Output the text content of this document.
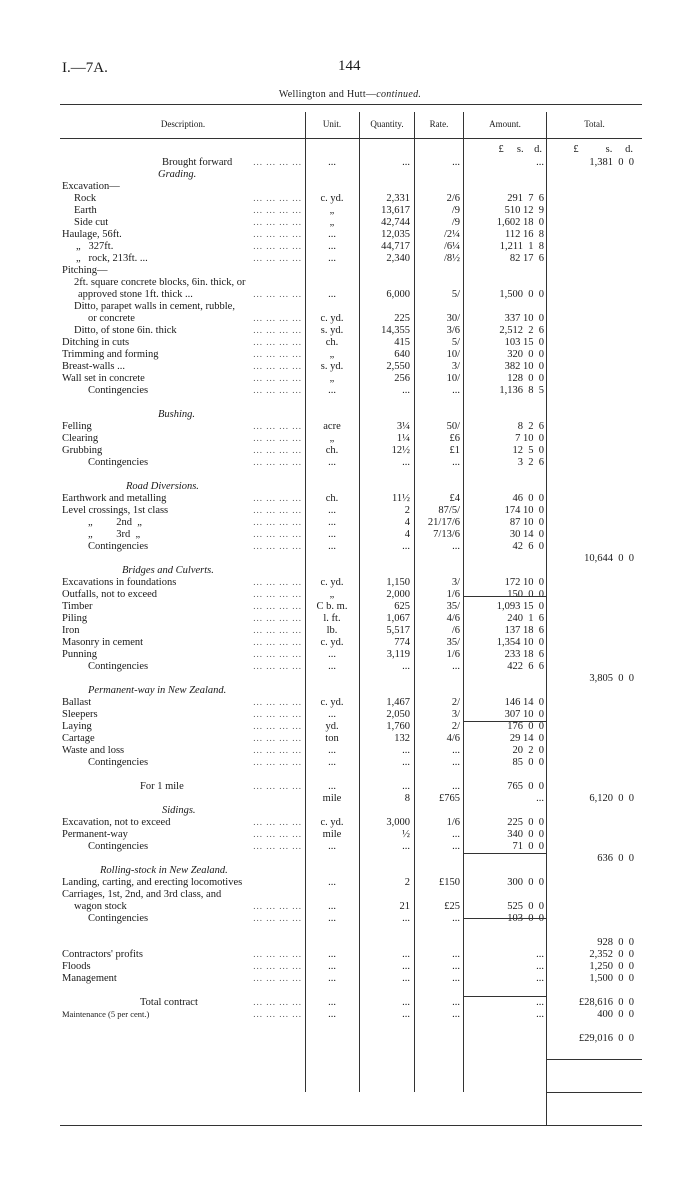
I.—7A.	144
Wellington and Hutt—continued.
Description.	Unit.	Quantity.	Rate.	Amount.	Total.
£     s.    d.	£	s. d.
Brought forward	... ... ... ...	...	...	...	...	1,381  0  0
Grading.
Excavation—
Rock	... ... ... ...	c. yd.	2,331	2/6	291  7  6
Earth	... ... ... ...	„	13,617	/9	510 12  9
Side cut	... ... ... ...	„	42,744	/9	1,602 18  0
Haulage, 56ft.	... ... ... ...	...	12,035	/2¼	112 16  8
„   327ft.	... ... ... ...	...	44,717	/6¼	1,211  1  8
„   rock, 213ft. ...	... ... ... ...	...	2,340	/8½	82 17  6
Pitching—
2ft. square concrete blocks, 6in. thick, or
approved stone 1ft. thick ...	... ... ... ...	...	6,000	5/	1,500  0  0
Ditto, parapet walls in cement, rubble,
or concrete	... ... ... ...	c. yd.	225	30/	337 10  0
Ditto, of stone 6in. thick	... ... ... ...	s. yd.	14,355	3/6	2,512  2  6
Ditching in cuts	... ... ... ...	ch.	415	5/	103 15  0
Trimming and forming	... ... ... ...	„	640	10/	320  0  0
Breast-walls ...	... ... ... ...	s. yd.	2,550	3/	382 10  0
Wall set in concrete	... ... ... ...	„	256	10/	128  0  0
Contingencies	... ... ... ...	...	...	...	1,136  8  5
Bushing.
Felling	... ... ... ...	acre	3¼	50/	8  2  6
Clearing	... ... ... ...	„	1¼	£6	7 10  0
Grubbing	... ... ... ...	ch.	12½	£1	12  5  0
Contingencies	... ... ... ...	...	...	...	3  2  6
Road Diversions.
Earthwork and metalling	... ... ... ...	ch.	11½	£4	46  0  0
Level crossings, 1st class	... ... ... ...	...	2	87/5/	174 10  0
„         2nd  „	... ... ... ...	...	4	21/17/6	87 10  0
„         3rd  „	... ... ... ...	...	4	7/13/6	30 14  0
Contingencies	... ... ... ...	...	...	...	42  6  0
10,644  0  0
Bridges and Culverts.
Excavations in foundations	... ... ... ...	c. yd.	1,150	3/	172 10  0
Outfalls, not to exceed	... ... ... ...	„	2,000	1/6	150  0  0
Timber	... ... ... ...	C b. m.	625	35/	1,093 15  0
Piling	... ... ... ...	l. ft.	1,067	4/6	240  1  6
Iron	... ... ... ...	lb.	5,517	/6	137 18  6
Masonry in cement	... ... ... ...	c. yd.	774	35/	1,354 10  0
Punning	... ... ... ...	...	3,119	1/6	233 18  6
Contingencies	... ... ... ...	...	...	...	422  6  6
3,805  0  0
Permanent-way in New Zealand.
Ballast	... ... ... ...	c. yd.	1,467	2/	146 14  0
Sleepers	... ... ... ...	...	2,050	3/	307 10  0
Laying	... ... ... ...	yd.	1,760	2/	176  0  0
Cartage	... ... ... ...	ton	132	4/6	29 14  0
Waste and loss	... ... ... ...	...	...	...	20  2  0
Contingencies	... ... ... ...	...	...	...	85  0  0
For 1 mile	... ... ... ...	...	...	...	765  0  0
mile	8	£765	...	6,120  0  0
Sidings.
Excavation, not to exceed	... ... ... ...	c. yd.	3,000	1/6	225  0  0
Permanent-way	... ... ... ...	mile	½	...	340  0  0
Contingencies	... ... ... ...	...	...	...	71  0  0
636  0  0
Rolling-stock in New Zealand.
Landing, carting, and erecting locomotives	...	2	£150	300  0  0
Carriages, 1st, 2nd, and 3rd class, and
wagon stock	... ... ... ...	...	21	£25	525  0  0
Contingencies	... ... ... ...	...	...	...	103  0  0
928  0  0
Contractors' profits	... ... ... ...	...	...	...	...	2,352  0  0
Floods	... ... ... ...	...	...	...	...	1,250  0  0
Management	... ... ... ...	...	...	...	...	1,500  0  0
Total contract	... ... ... ...	...	...	...	...	£28,616  0  0
Maintenance (5 per cent.)	... ... ... ...	...	...	...	...	400  0  0
£29,016  0  0
